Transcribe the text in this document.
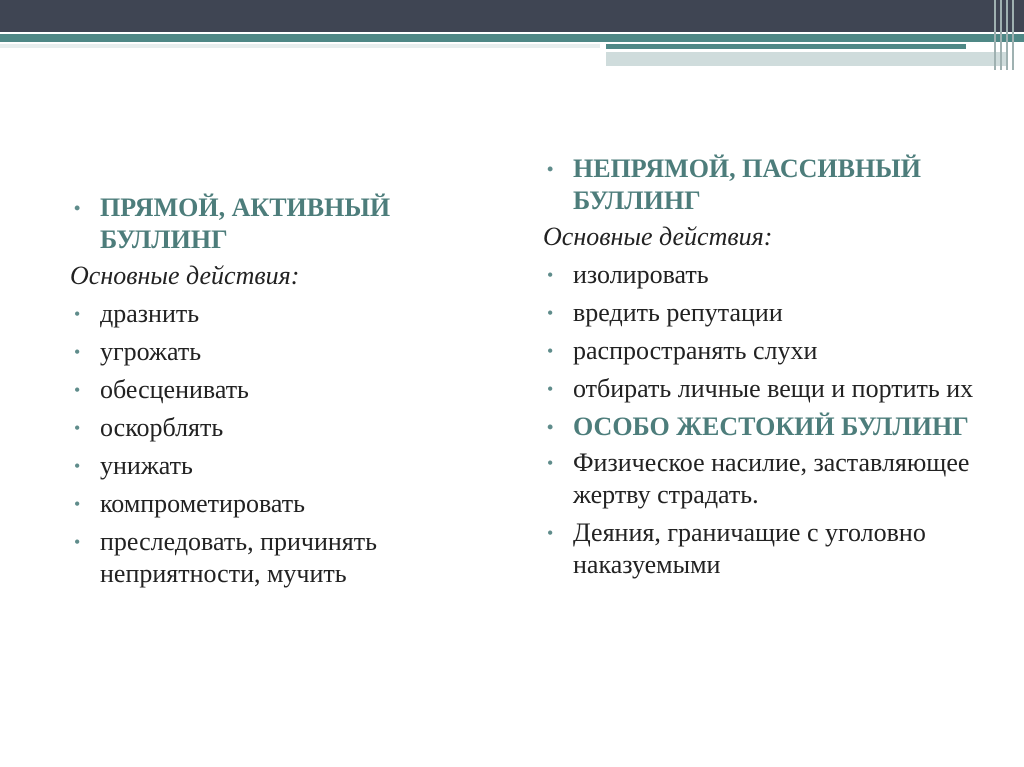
• ПРЯМОЙ, АКТИВНЫЙ БУЛЛИНГ
Основные действия:
• дразнить
• угрожать
• обесценивать
• оскорблять
• унижать
• компрометировать
• преследовать, причинять неприятности, мучить
• НЕПРЯМОЙ, ПАССИВНЫЙ БУЛЛИНГ
Основные действия:
• изолировать
• вредить репутации
• распространять слухи
• отбирать личные вещи и портить их
• ОСОБО ЖЕСТОКИЙ БУЛЛИНГ
• Физическое насилие, заставляющее жертву страдать.
• Деяния, граничащие с уголовно наказуемыми
